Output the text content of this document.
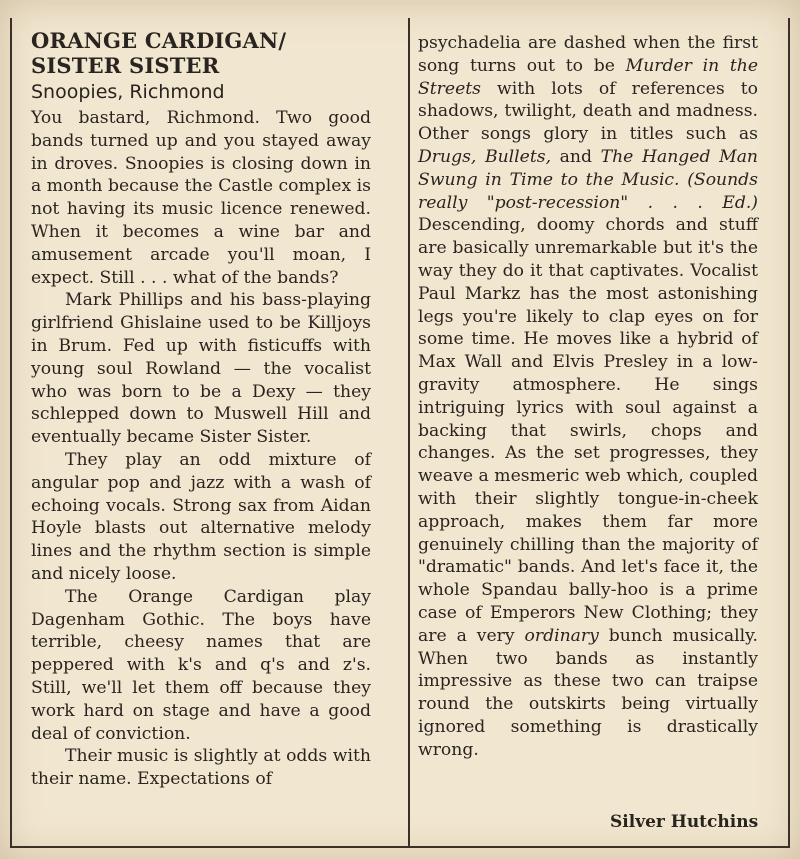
ORANGE CARDIGAN/
SISTER SISTER
Snoopies, Richmond

You bastard, Richmond. Two good bands turned up and you stayed away in droves. Snoopies is closing down in a month because the Castle complex is not having its music licence renewed. When it becomes a wine bar and amusement arcade you'll moan, I expect. Still . . . what of the bands?

Mark Phillips and his bass-playing girlfriend Ghislaine used to be Killjoys in Brum. Fed up with fisticuffs with young soul Rowland — the vocalist who was born to be a Dexy — they schlepped down to Muswell Hill and eventually became Sister Sister.

They play an odd mixture of angular pop and jazz with a wash of echoing vocals. Strong sax from Aidan Hoyle blasts out alternative melody lines and the rhythm section is simple and nicely loose.

The Orange Cardigan play Dagenham Gothic. The boys have terrible, cheesy names that are peppered with k's and q's and z's. Still, we'll let them off because they work hard on stage and have a good deal of conviction.

Their music is slightly at odds with their name. Expectations of

psychadelia are dashed when the first song turns out to be Murder in the Streets with lots of references to shadows, twilight, death and madness. Other songs glory in titles such as Drugs, Bullets, and The Hanged Man Swung in Time to the Music. (Sounds really "post-recession" . . . Ed.) Descending, doomy chords and stuff are basically unremarkable but it's the way they do it that captivates. Vocalist Paul Markz has the most astonishing legs you're likely to clap eyes on for some time. He moves like a hybrid of Max Wall and Elvis Presley in a low-gravity atmosphere. He sings intriguing lyrics with soul against a backing that swirls, chops and changes. As the set progresses, they weave a mesmeric web which, coupled with their slightly tongue-in-cheek approach, makes them far more genuinely chilling than the majority of "dramatic" bands. And let's face it, the whole Spandau bally-hoo is a prime case of Emperors New Clothing; they are a very ordinary bunch musically. When two bands as instantly impressive as these two can traipse round the outskirts being virtually ignored something is drastically wrong.

Silver Hutchins
